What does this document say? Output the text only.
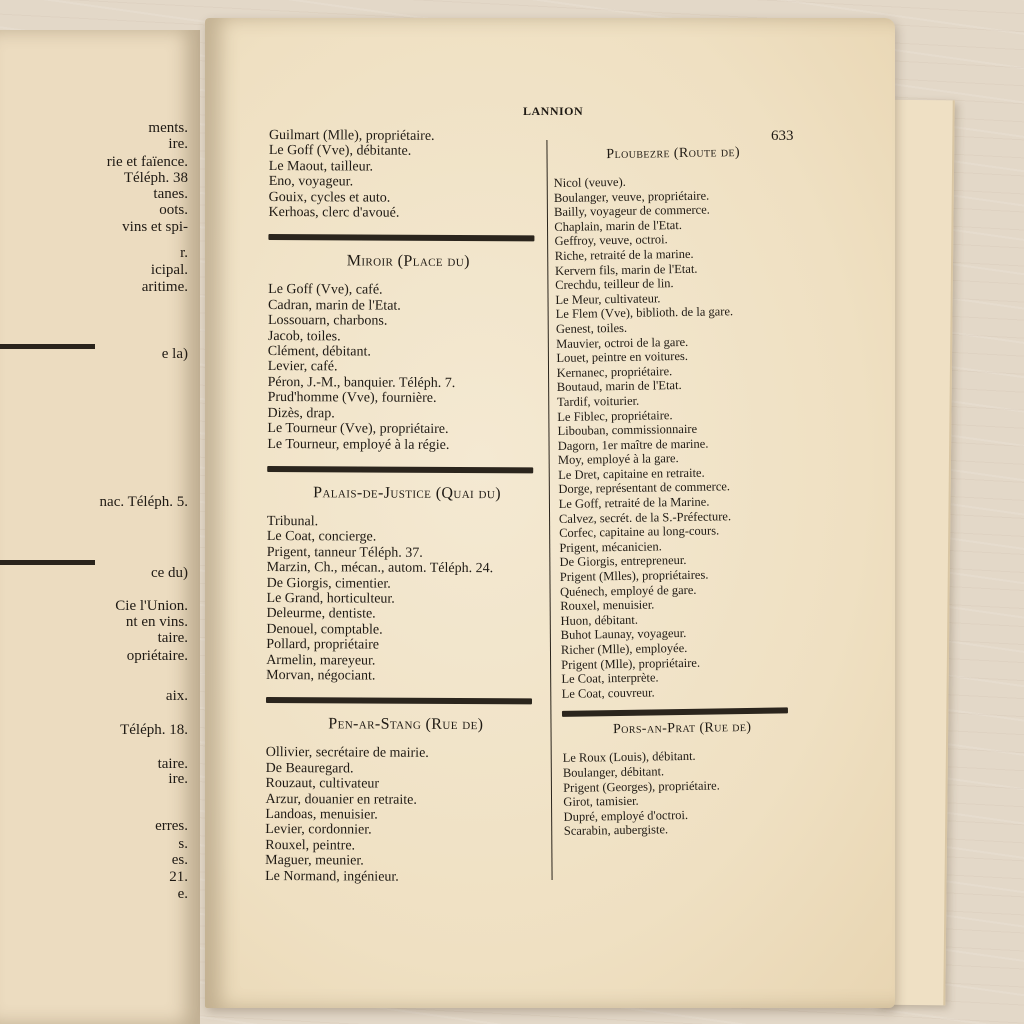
ments.
ire.
rie et faïence.
Téléph. 38
tanes.
oots.
vins et spi-
r.
icipal.
aritime.
e la)
nac. Téléph. 5.
ce du)
Cie l'Union.
nt en vins.
taire.
opriétaire.
aix.
Téléph. 18.
taire.
ire.
erres.
s.
es.
21.
e.
LANNION
633
Guilmart (Mlle), propriétaire.
Le Goff (Vve), débitante.
Le Maout, tailleur.
Eno, voyageur.
Gouix, cycles et auto.
Kerhoas, clerc d'avoué.
Miroir (Place du)
Le Goff (Vve), café.
Cadran, marin de l'Etat.
Lossouarn, charbons.
Jacob, toiles.
Clément, débitant.
Levier, café.
Péron, J.-M., banquier. Téléph. 7.
Prud'homme (Vve), fournière.
Dizès, drap.
Le Tourneur (Vve), propriétaire.
Le Tourneur, employé à la régie.
Palais-de-Justice (Quai du)
Tribunal.
Le Coat, concierge.
Prigent, tanneur Téléph. 37.
Marzin, Ch., mécan., autom. Téléph. 24.
De Giorgis, cimentier.
Le Grand, horticulteur.
Deleurme, dentiste.
Denouel, comptable.
Pollard, propriétaire
Armelin, mareyeur.
Morvan, négociant.
Pen-ar-Stang (Rue de)
Ollivier, secrétaire de mairie.
De Beauregard.
Rouzaut, cultivateur
Arzur, douanier en retraite.
Landoas, menuisier.
Levier, cordonnier.
Rouxel, peintre.
Maguer, meunier.
Le Normand, ingénieur.
Ploubezre (Route de)
Nicol (veuve).
Boulanger, veuve, propriétaire.
Bailly, voyageur de commerce.
Chaplain, marin de l'Etat.
Geffroy, veuve, octroi.
Riche, retraité de la marine.
Kervern fils, marin de l'Etat.
Crechdu, teilleur de lin.
Le Meur, cultivateur.
Le Flem (Vve), biblioth. de la gare.
Genest, toiles.
Mauvier, octroi de la gare.
Louet, peintre en voitures.
Kernanec, propriétaire.
Boutaud, marin de l'Etat.
Tardif, voiturier.
Le Fiblec, propriétaire.
Libouban, commissionnaire
Dagorn, 1er maître de marine.
Moy, employé à la gare.
Le Dret, capitaine en retraite.
Dorge, représentant de commerce.
Le Goff, retraité de la Marine.
Calvez, secrét. de la S.-Préfecture.
Corfec, capitaine au long-cours.
Prigent, mécanicien.
De Giorgis, entrepreneur.
Prigent (Mlles), propriétaires.
Quénech, employé de gare.
Rouxel, menuisier.
Huon, débitant.
Buhot Launay, voyageur.
Richer (Mlle), employée.
Prigent (Mlle), propriétaire.
Le Coat, interprète.
Le Coat, couvreur.
Pors-an-Prat (Rue de)
Le Roux (Louis), débitant.
Boulanger, débitant.
Prigent (Georges), propriétaire.
Girot, tamisier.
Dupré, employé d'octroi.
Scarabin, aubergiste.
